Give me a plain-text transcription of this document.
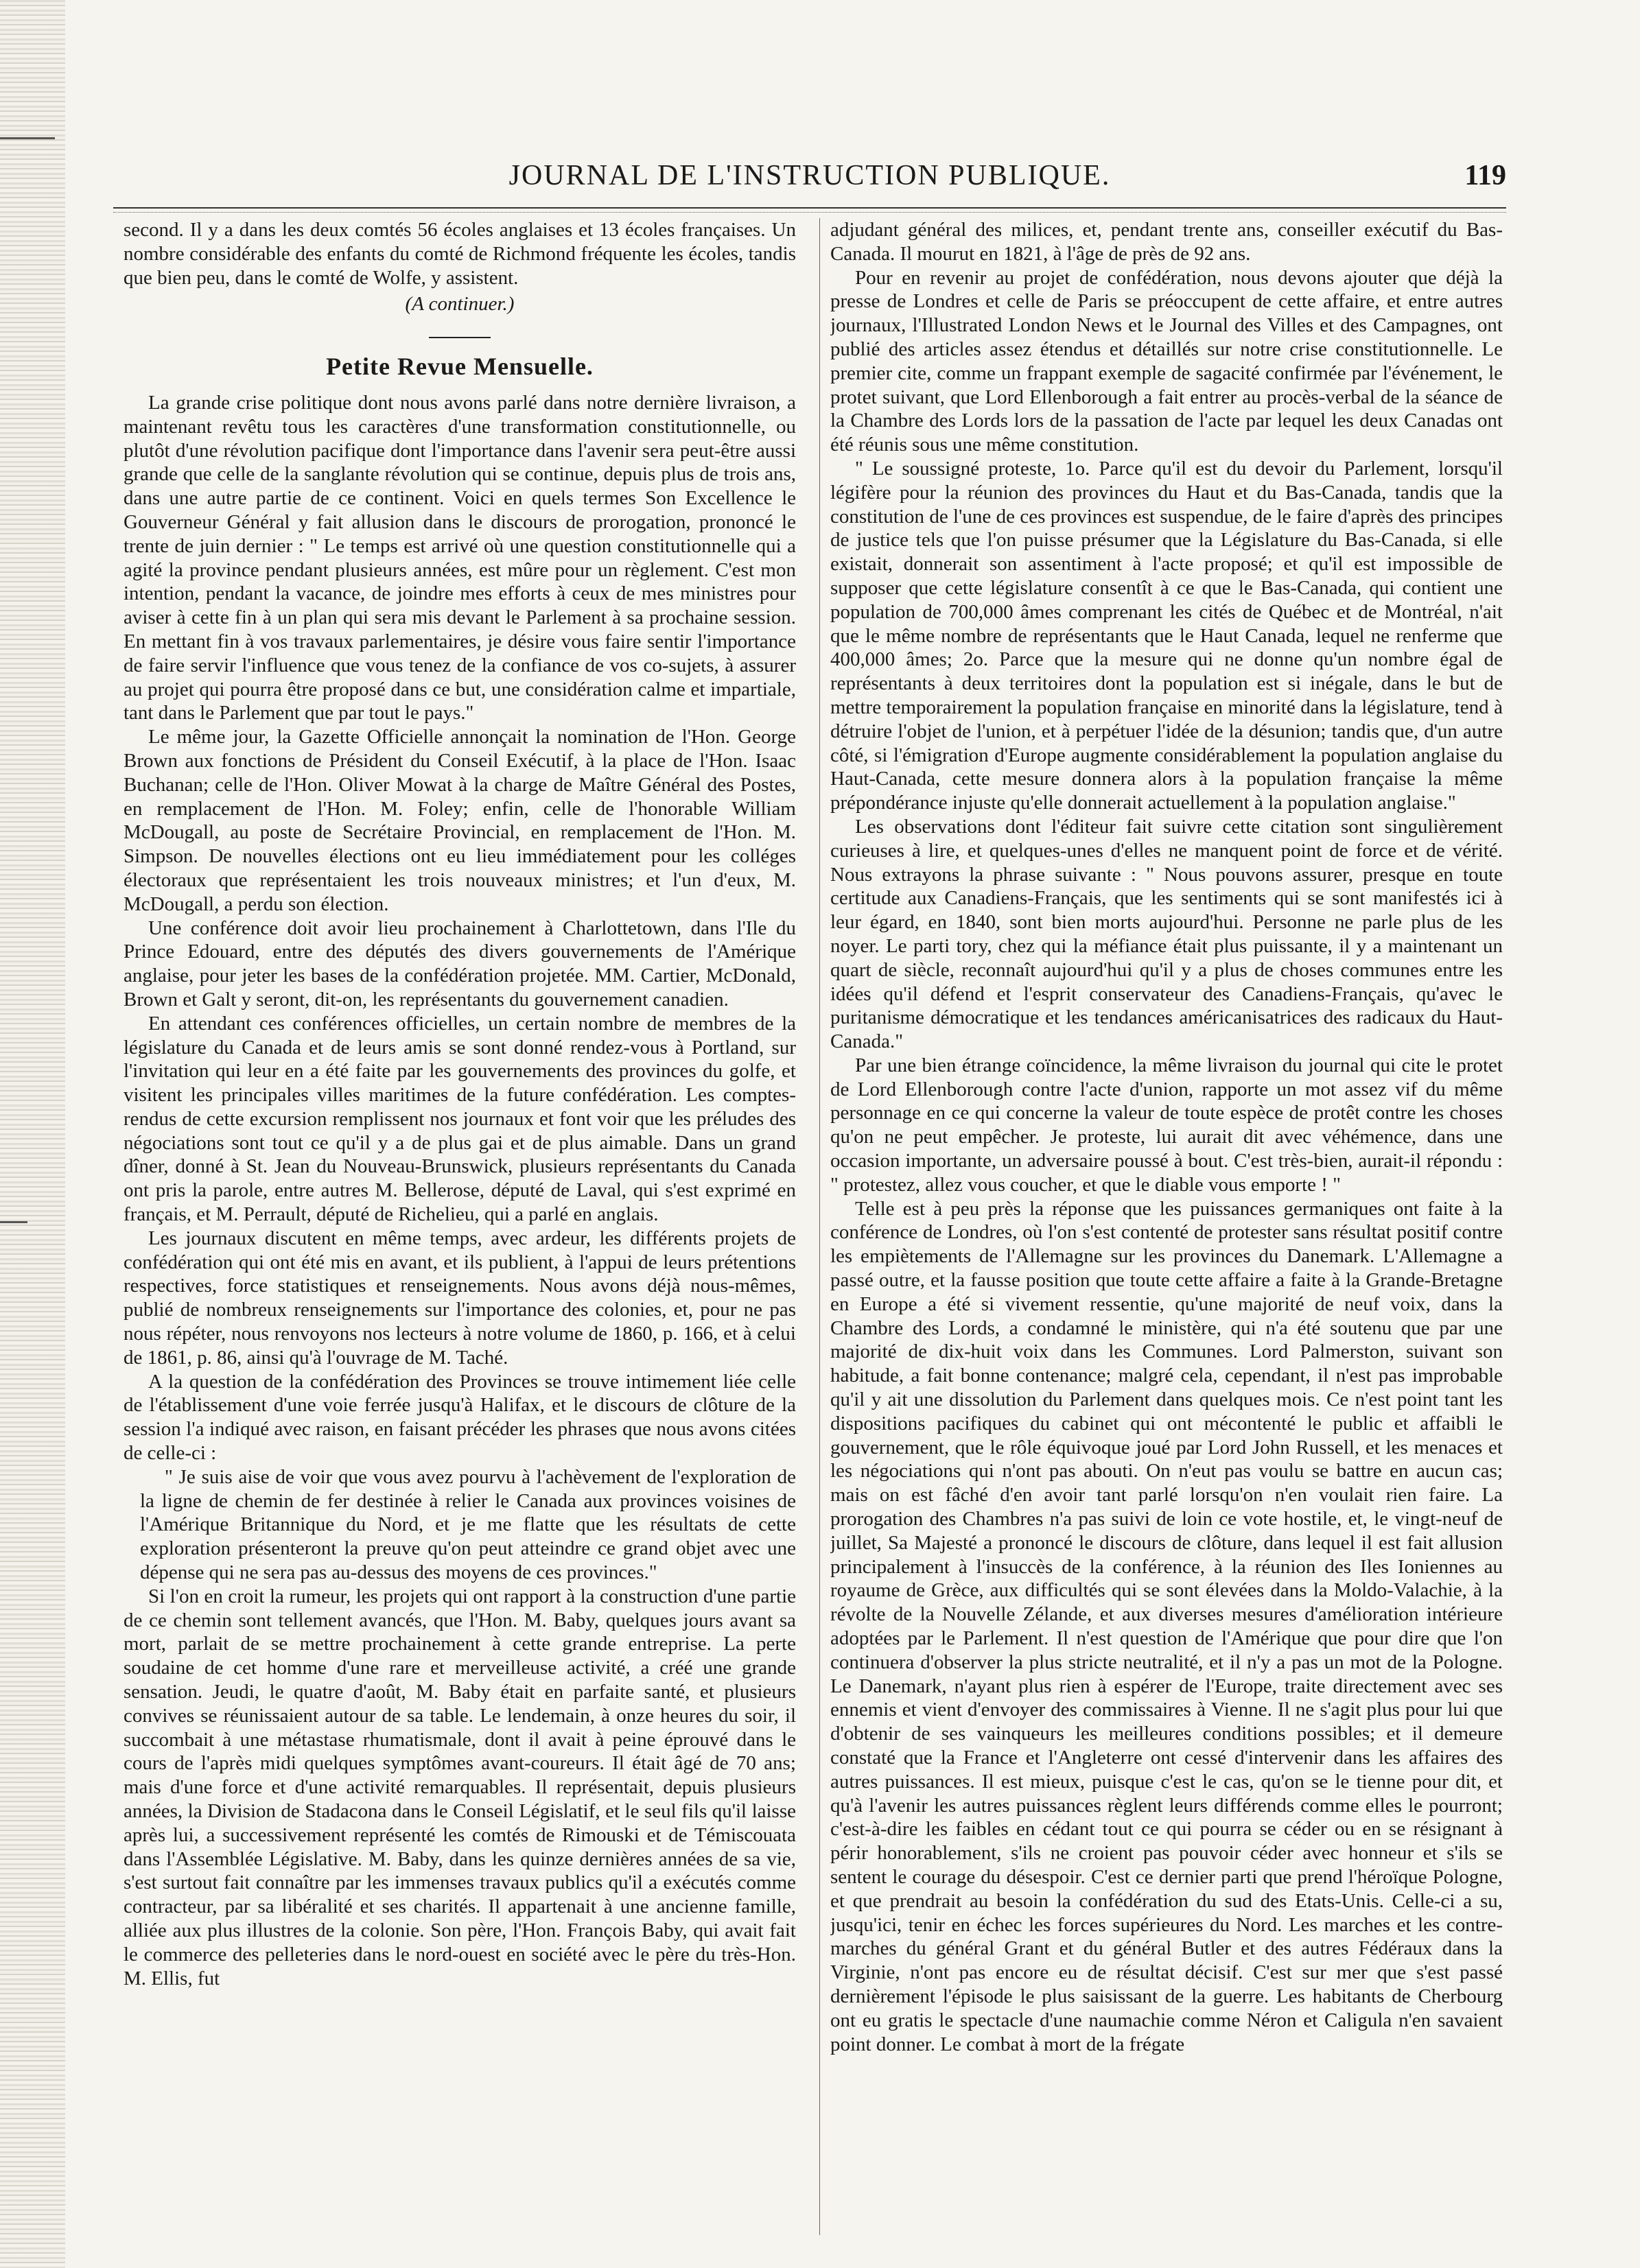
JOURNAL DE L'INSTRUCTION PUBLIQUE.	119

second. Il y a dans les deux comtés 56 écoles anglaises et 13 écoles françaises. Un nombre considérable des enfants du comté de Richmond fréquente les écoles, tandis que bien peu, dans le comté de Wolfe, y assistent.

(A continuer.)

Petite Revue Mensuelle.

La grande crise politique dont nous avons parlé dans notre dernière livraison, a maintenant revêtu tous les caractères d'une transformation constitutionnelle, ou plutôt d'une révolution pacifique dont l'importance dans l'avenir sera peut-être aussi grande que celle de la sanglante révolution qui se continue, depuis plus de trois ans, dans une autre partie de ce continent. Voici en quels termes Son Excellence le Gouverneur Général y fait allusion dans le discours de prorogation, prononcé le trente de juin dernier : " Le temps est arrivé où une question constitutionnelle qui a agité la province pendant plusieurs années, est mûre pour un règlement. C'est mon intention, pendant la vacance, de joindre mes efforts à ceux de mes ministres pour aviser à cette fin à un plan qui sera mis devant le Parlement à sa prochaine session. En mettant fin à vos travaux parlementaires, je désire vous faire sentir l'importance de faire servir l'influence que vous tenez de la confiance de vos co-sujets, à assurer au projet qui pourra être proposé dans ce but, une considération calme et impartiale, tant dans le Parlement que par tout le pays."

Le même jour, la Gazette Officielle annonçait la nomination de l'Hon. George Brown aux fonctions de Président du Conseil Exécutif, à la place de l'Hon. Isaac Buchanan; celle de l'Hon. Oliver Mowat à la charge de Maître Général des Postes, en remplacement de l'Hon. M. Foley; enfin, celle de l'honorable William McDougall, au poste de Secrétaire Provincial, en remplacement de l'Hon. M. Simpson. De nouvelles élections ont eu lieu immédiatement pour les colléges électoraux que représentaient les trois nouveaux ministres; et l'un d'eux, M. McDougall, a perdu son élection.

Une conférence doit avoir lieu prochainement à Charlottetown, dans l'Ile du Prince Edouard, entre des députés des divers gouvernements de l'Amérique anglaise, pour jeter les bases de la confédération projetée. MM. Cartier, McDonald, Brown et Galt y seront, dit-on, les représentants du gouvernement canadien.

En attendant ces conférences officielles, un certain nombre de membres de la législature du Canada et de leurs amis se sont donné rendez-vous à Portland, sur l'invitation qui leur en a été faite par les gouvernements des provinces du golfe, et visitent les principales villes maritimes de la future confédération. Les comptes-rendus de cette excursion remplissent nos journaux et font voir que les préludes des négociations sont tout ce qu'il y a de plus gai et de plus aimable. Dans un grand dîner, donné à St. Jean du Nouveau-Brunswick, plusieurs représentants du Canada ont pris la parole, entre autres M. Bellerose, député de Laval, qui s'est exprimé en français, et M. Perrault, député de Richelieu, qui a parlé en anglais.

Les journaux discutent en même temps, avec ardeur, les différents projets de confédération qui ont été mis en avant, et ils publient, à l'appui de leurs prétentions respectives, force statistiques et renseignements. Nous avons déjà nous-mêmes, publié de nombreux renseignements sur l'importance des colonies, et, pour ne pas nous répéter, nous renvoyons nos lecteurs à notre volume de 1860, p. 166, et à celui de 1861, p. 86, ainsi qu'à l'ouvrage de M. Taché.

A la question de la confédération des Provinces se trouve intimement liée celle de l'établissement d'une voie ferrée jusqu'à Halifax, et le discours de clôture de la session l'a indiqué avec raison, en faisant précéder les phrases que nous avons citées de celle-ci :

" Je suis aise de voir que vous avez pourvu à l'achèvement de l'exploration de la ligne de chemin de fer destinée à relier le Canada aux provinces voisines de l'Amérique Britannique du Nord, et je me flatte que les résultats de cette exploration présenteront la preuve qu'on peut atteindre ce grand objet avec une dépense qui ne sera pas au-dessus des moyens de ces provinces."

Si l'on en croit la rumeur, les projets qui ont rapport à la construction d'une partie de ce chemin sont tellement avancés, que l'Hon. M. Baby, quelques jours avant sa mort, parlait de se mettre prochainement à cette grande entreprise. La perte soudaine de cet homme d'une rare et merveilleuse activité, a créé une grande sensation. Jeudi, le quatre d'août, M. Baby était en parfaite santé, et plusieurs convives se réunissaient autour de sa table. Le lendemain, à onze heures du soir, il succombait à une métastase rhumatismale, dont il avait à peine éprouvé dans le cours de l'après midi quelques symptômes avant-coureurs. Il était âgé de 70 ans; mais d'une force et d'une activité remarquables. Il représentait, depuis plusieurs années, la Division de Stadacona dans le Conseil Législatif, et le seul fils qu'il laisse après lui, a successivement représenté les comtés de Rimouski et de Témiscouata dans l'Assemblée Législative. M. Baby, dans les quinze dernières années de sa vie, s'est surtout fait connaître par les immenses travaux publics qu'il a exécutés comme contracteur, par sa libéralité et ses charités. Il appartenait à une ancienne famille, alliée aux plus illustres de la colonie. Son père, l'Hon. François Baby, qui avait fait le commerce des pelleteries dans le nord-ouest en société avec le père du très-Hon. M. Ellis, fut

adjudant général des milices, et, pendant trente ans, conseiller exécutif du Bas-Canada. Il mourut en 1821, à l'âge de près de 92 ans.

Pour en revenir au projet de confédération, nous devons ajouter que déjà la presse de Londres et celle de Paris se préoccupent de cette affaire, et entre autres journaux, l'Illustrated London News et le Journal des Villes et des Campagnes, ont publié des articles assez étendus et détaillés sur notre crise constitutionnelle. Le premier cite, comme un frappant exemple de sagacité confirmée par l'événement, le protet suivant, que Lord Ellenborough a fait entrer au procès-verbal de la séance de la Chambre des Lords lors de la passation de l'acte par lequel les deux Canadas ont été réunis sous une même constitution.

" Le soussigné proteste, 1o. Parce qu'il est du devoir du Parlement, lorsqu'il légifère pour la réunion des provinces du Haut et du Bas-Canada, tandis que la constitution de l'une de ces provinces est suspendue, de le faire d'après des principes de justice tels que l'on puisse présumer que la Législature du Bas-Canada, si elle existait, donnerait son assentiment à l'acte proposé; et qu'il est impossible de supposer que cette législature consentît à ce que le Bas-Canada, qui contient une population de 700,000 âmes comprenant les cités de Québec et de Montréal, n'ait que le même nombre de représentants que le Haut Canada, lequel ne renferme que 400,000 âmes; 2o. Parce que la mesure qui ne donne qu'un nombre égal de représentants à deux territoires dont la population est si inégale, dans le but de mettre temporairement la population française en minorité dans la législature, tend à détruire l'objet de l'union, et à perpétuer l'idée de la désunion; tandis que, d'un autre côté, si l'émigration d'Europe augmente considérablement la population anglaise du Haut-Canada, cette mesure donnera alors à la population française la même prépondérance injuste qu'elle donnerait actuellement à la population anglaise."

Les observations dont l'éditeur fait suivre cette citation sont singulièrement curieuses à lire, et quelques-unes d'elles ne manquent point de force et de vérité. Nous extrayons la phrase suivante : " Nous pouvons assurer, presque en toute certitude aux Canadiens-Français, que les sentiments qui se sont manifestés ici à leur égard, en 1840, sont bien morts aujourd'hui. Personne ne parle plus de les noyer. Le parti tory, chez qui la méfiance était plus puissante, il y a maintenant un quart de siècle, reconnaît aujourd'hui qu'il y a plus de choses communes entre les idées qu'il défend et l'esprit conservateur des Canadiens-Français, qu'avec le puritanisme démocratique et les tendances américanisatrices des radicaux du Haut-Canada."

Par une bien étrange coïncidence, la même livraison du journal qui cite le protet de Lord Ellenborough contre l'acte d'union, rapporte un mot assez vif du même personnage en ce qui concerne la valeur de toute espèce de protêt contre les choses qu'on ne peut empêcher. Je proteste, lui aurait dit avec véhémence, dans une occasion importante, un adversaire poussé à bout. C'est très-bien, aurait-il répondu : " protestez, allez vous coucher, et que le diable vous emporte ! "

Telle est à peu près la réponse que les puissances germaniques ont faite à la conférence de Londres, où l'on s'est contenté de protester sans résultat positif contre les empiètements de l'Allemagne sur les provinces du Danemark. L'Allemagne a passé outre, et la fausse position que toute cette affaire a faite à la Grande-Bretagne en Europe a été si vivement ressentie, qu'une majorité de neuf voix, dans la Chambre des Lords, a condamné le ministère, qui n'a été soutenu que par une majorité de dix-huit voix dans les Communes. Lord Palmerston, suivant son habitude, a fait bonne contenance; malgré cela, cependant, il n'est pas improbable qu'il y ait une dissolution du Parlement dans quelques mois. Ce n'est point tant les dispositions pacifiques du cabinet qui ont mécontenté le public et affaibli le gouvernement, que le rôle équivoque joué par Lord John Russell, et les menaces et les négociations qui n'ont pas abouti. On n'eut pas voulu se battre en aucun cas; mais on est fâché d'en avoir tant parlé lorsqu'on n'en voulait rien faire. La prorogation des Chambres n'a pas suivi de loin ce vote hostile, et, le vingt-neuf de juillet, Sa Majesté a prononcé le discours de clôture, dans lequel il est fait allusion principalement à l'insuccès de la conférence, à la réunion des Iles Ioniennes au royaume de Grèce, aux difficultés qui se sont élevées dans la Moldo-Valachie, à la révolte de la Nouvelle Zélande, et aux diverses mesures d'amélioration intérieure adoptées par le Parlement. Il n'est question de l'Amérique que pour dire que l'on continuera d'observer la plus stricte neutralité, et il n'y a pas un mot de la Pologne. Le Danemark, n'ayant plus rien à espérer de l'Europe, traite directement avec ses ennemis et vient d'envoyer des commissaires à Vienne. Il ne s'agit plus pour lui que d'obtenir de ses vainqueurs les meilleures conditions possibles; et il demeure constaté que la France et l'Angleterre ont cessé d'intervenir dans les affaires des autres puissances. Il est mieux, puisque c'est le cas, qu'on se le tienne pour dit, et qu'à l'avenir les autres puissances règlent leurs différends comme elles le pourront; c'est-à-dire les faibles en cédant tout ce qui pourra se céder ou en se résignant à périr honorablement, s'ils ne croient pas pouvoir céder avec honneur et s'ils se sentent le courage du désespoir. C'est ce dernier parti que prend l'héroïque Pologne, et que prendrait au besoin la confédération du sud des Etats-Unis. Celle-ci a su, jusqu'ici, tenir en échec les forces supérieures du Nord. Les marches et les contre-marches du général Grant et du général Butler et des autres Fédéraux dans la Virginie, n'ont pas encore eu de résultat décisif. C'est sur mer que s'est passé dernièrement l'épisode le plus saisissant de la guerre. Les habitants de Cherbourg ont eu gratis le spectacle d'une naumachie comme Néron et Caligula n'en savaient point donner. Le combat à mort de la frégate
